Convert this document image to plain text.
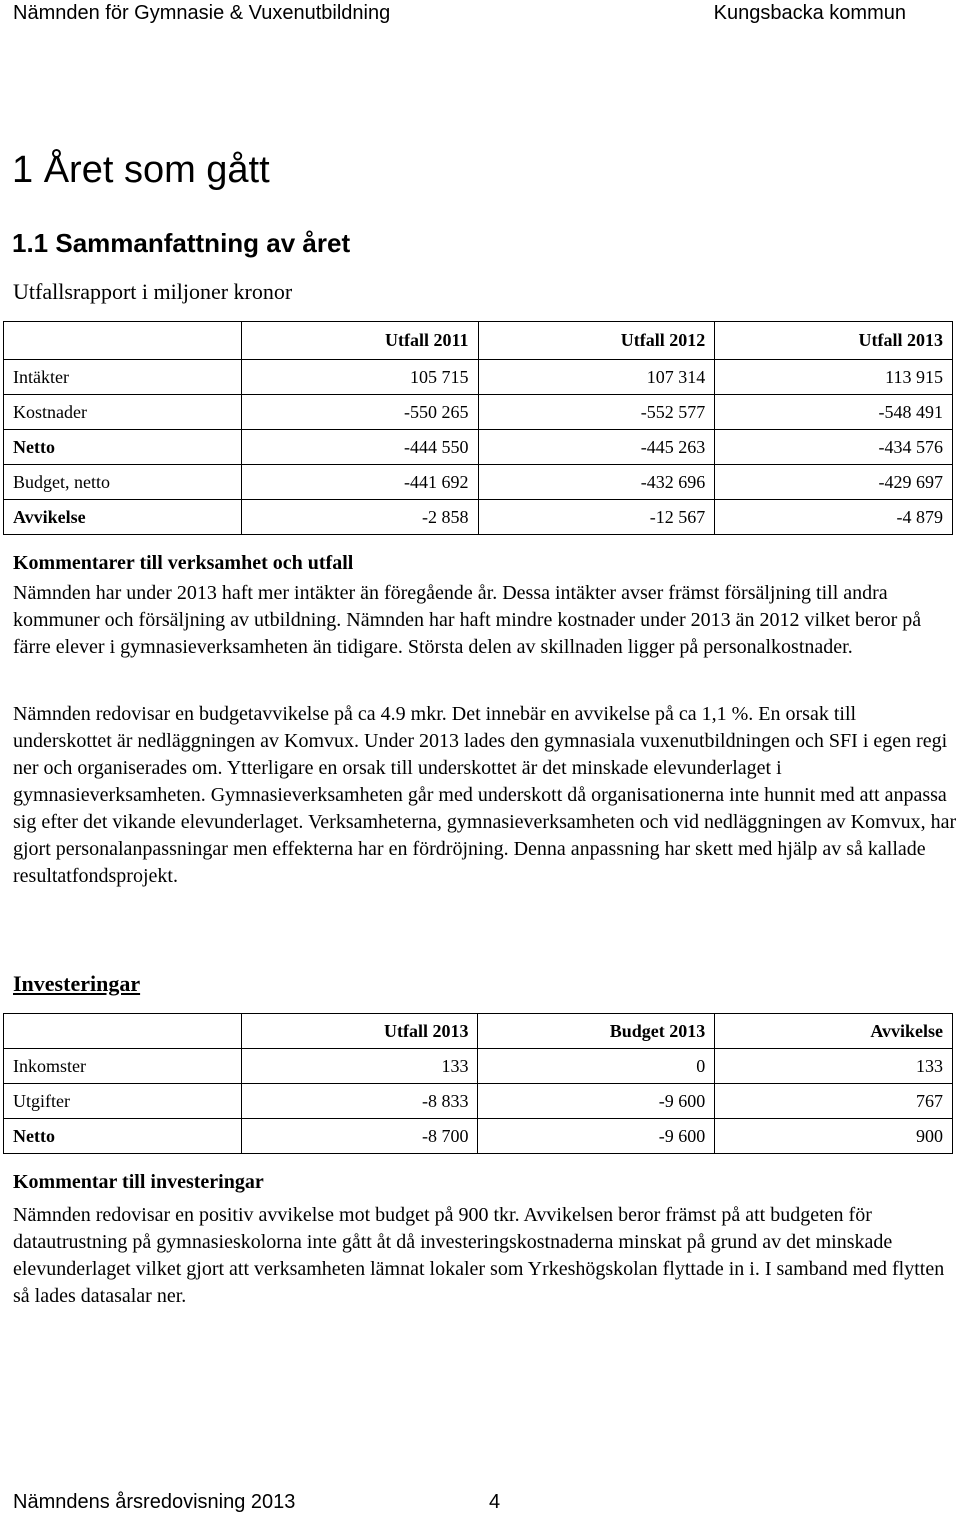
Nämnden för Gymnasie & Vuxenutbildning	Kungsbacka kommun
1 Året som gått
1.1 Sammanfattning av året
Utfallsrapport i miljoner kronor
	Utfall 2011	Utfall 2012	Utfall 2013
Intäkter	105 715	107 314	113 915
Kostnader	-550 265	-552 577	-548 491
Netto	-444 550	-445 263	-434 576
Budget, netto	-441 692	-432 696	-429 697
Avvikelse	-2 858	-12 567	-4 879

Kommentarer till verksamhet och utfall

Nämnden har under 2013 haft mer intäkter än föregående år. Dessa intäkter avser främst försäljning till andra kommuner och försäljning av utbildning. Nämnden har haft mindre kostnader under 2013 än 2012 vilket beror på färre elever i gymnasieverksamheten än tidigare. Största delen av skillnaden ligger på personalkostnader.

Nämnden redovisar en budgetavvikelse på ca 4.9 mkr. Det innebär en avvikelse på ca 1,1 %. En orsak till underskottet är nedläggningen av Komvux. Under 2013 lades den gymnasiala vuxenutbildningen och SFI i egen regi ner och organiserades om. Ytterligare en orsak till underskottet är det minskade elevunderlaget i gymnasieverksamheten. Gymnasieverksamheten går med underskott då organisationerna inte hunnit med att anpassa sig efter det vikande elevunderlaget. Verksamheterna, gymnasieverksamheten och vid nedläggningen av Komvux, har gjort personalanpassningar men effekterna har en fördröjning. Denna anpassning har skett med hjälp av så kallade resultatfondsprojekt.

Investeringar
	Utfall 2013	Budget 2013	Avvikelse
Inkomster	133	0	133
Utgifter	-8 833	-9 600	767
Netto	-8 700	-9 600	900

Kommentar till investeringar

Nämnden redovisar en positiv avvikelse mot budget på 900 tkr. Avvikelsen beror främst på att budgeten för datautrustning på gymnasieskolorna inte gått åt då investeringskostnaderna minskat på grund av det minskade elevunderlaget vilket gjort att verksamheten lämnat lokaler som Yrkeshögskolan flyttade in i. I samband med flytten så lades datasalar ner.

Nämndens årsredovisning 2013	4
